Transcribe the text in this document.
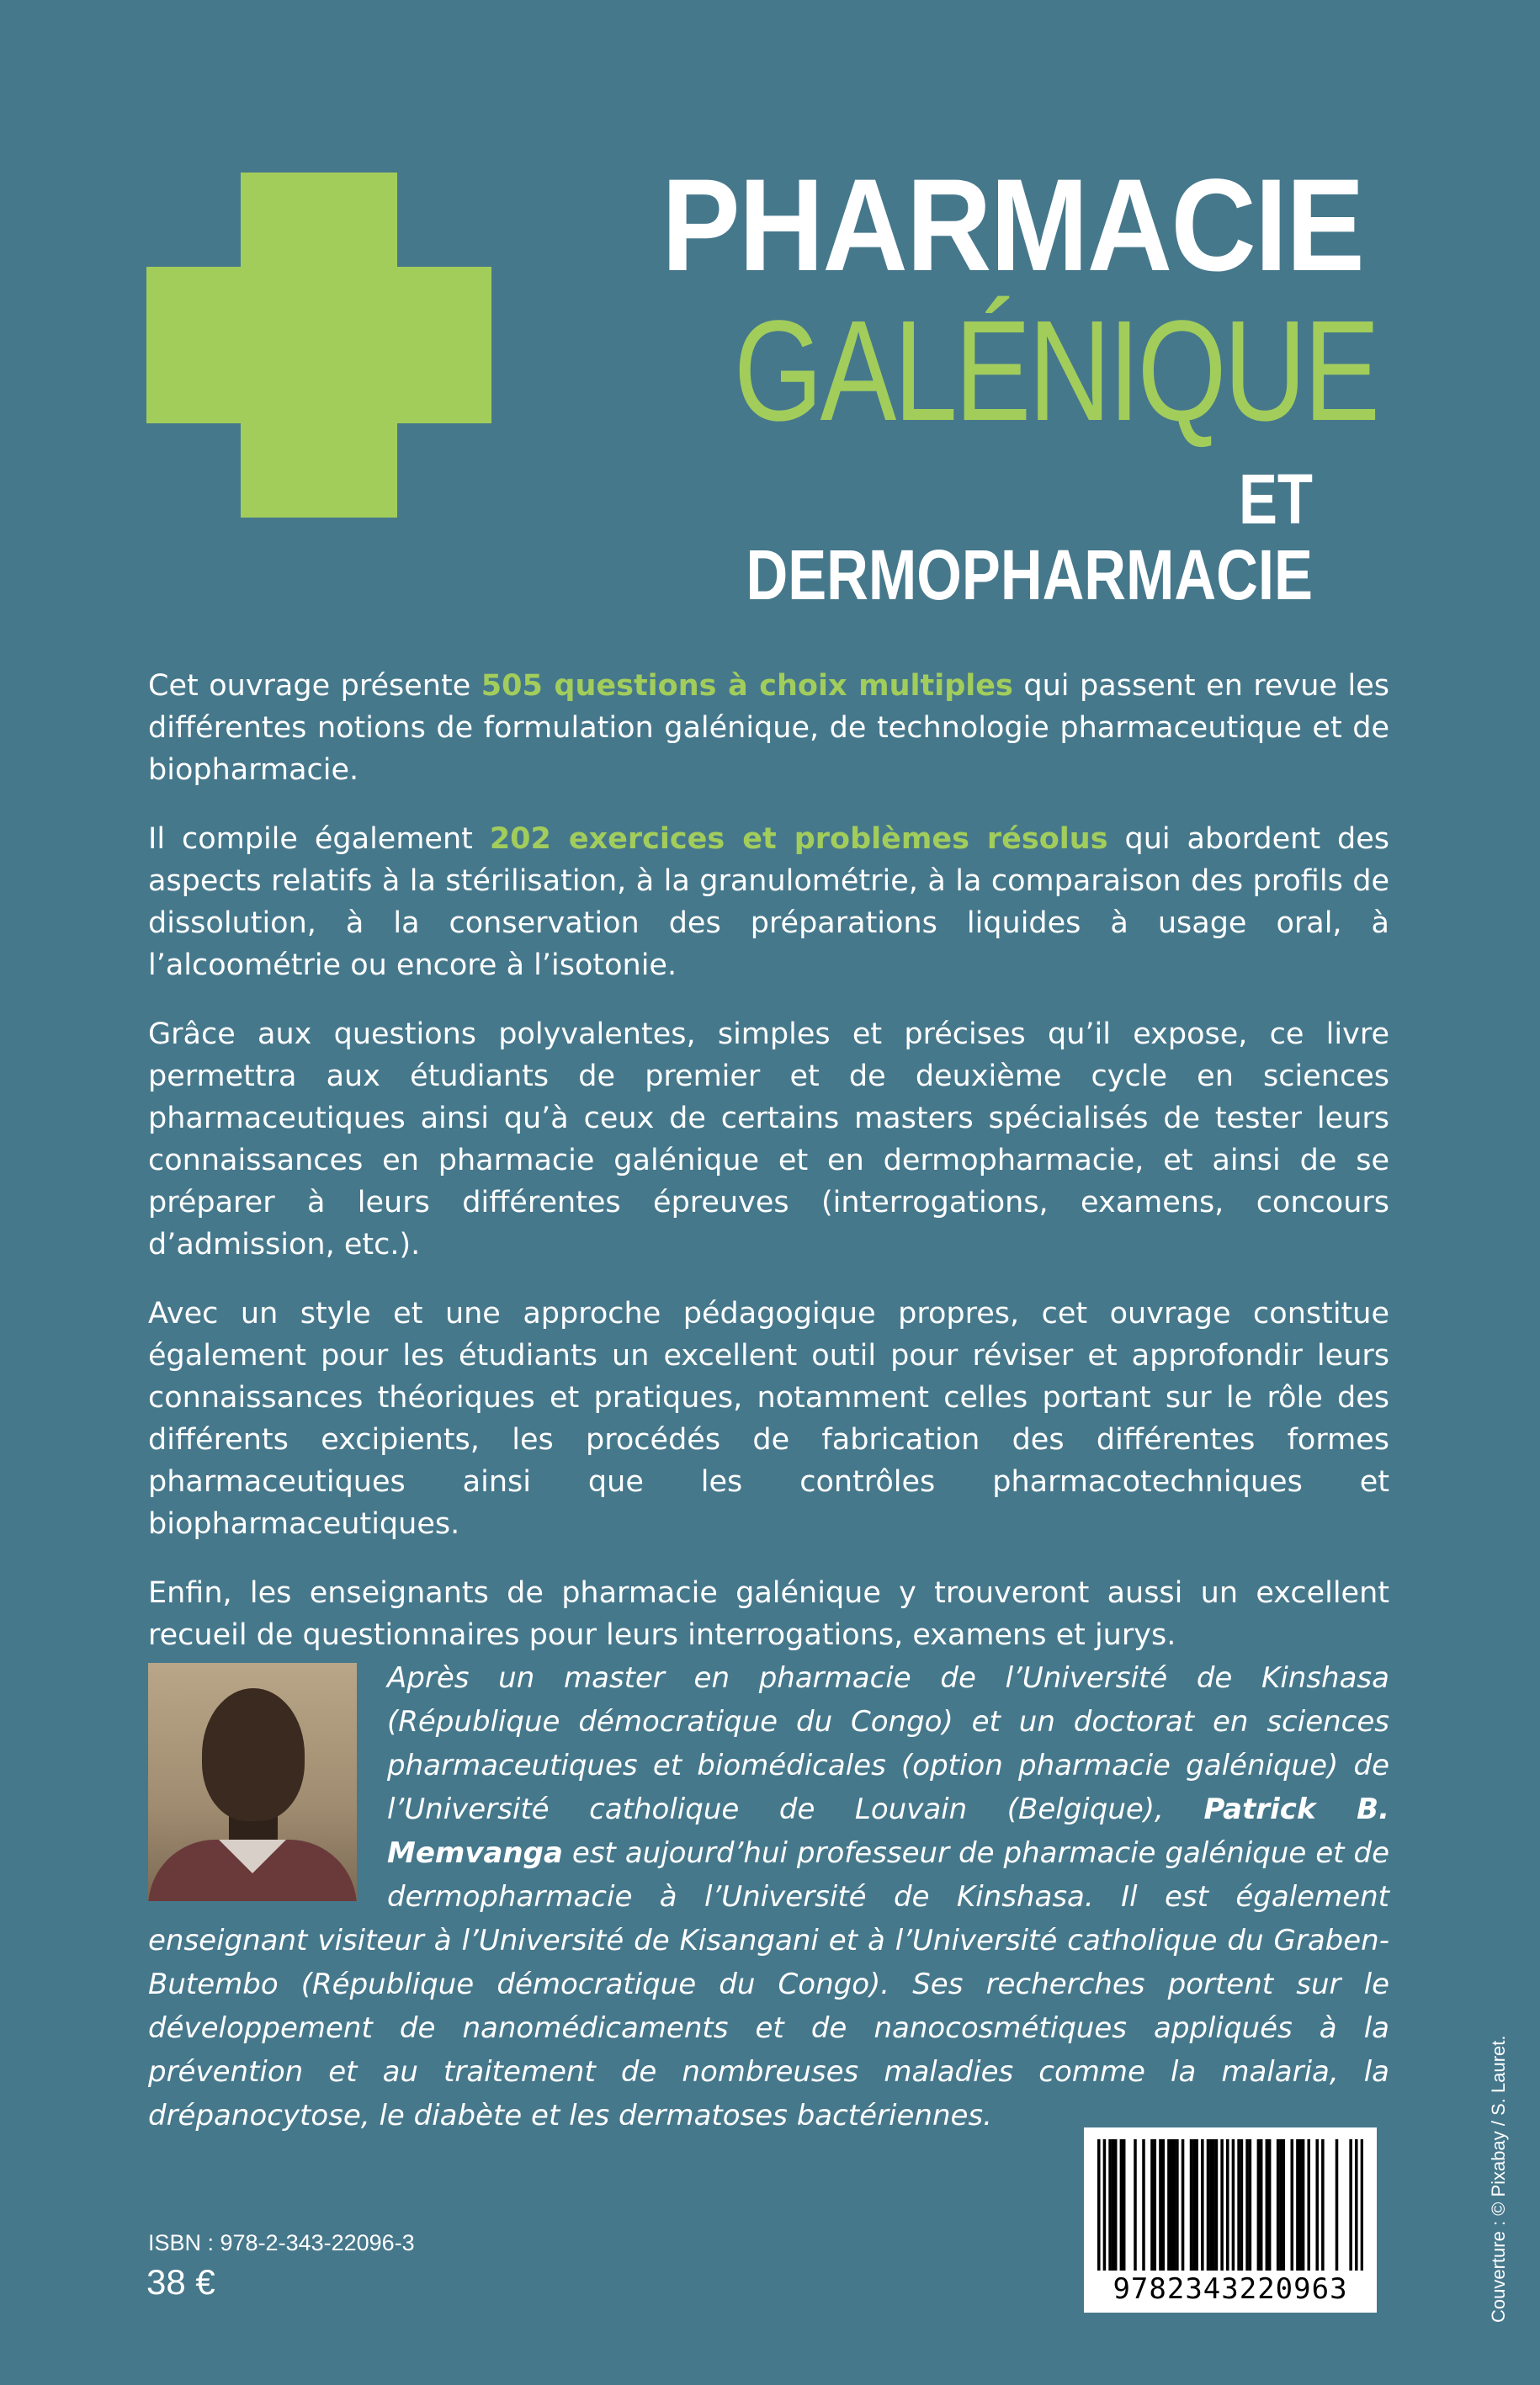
PHARMACIE
GALÉNIQUE
ET DERMOPHARMACIE

Cet ouvrage présente 505 questions à choix multiples qui passent en revue les différentes notions de formulation galénique, de technologie pharmaceutique et de biopharmacie.

Il compile également 202 exercices et problèmes résolus qui abordent des aspects relatifs à la stérilisation, à la granulométrie, à la comparaison des profils de dissolution, à la conservation des préparations liquides à usage oral, à l’alcoométrie ou encore à l’isotonie.

Grâce aux questions polyvalentes, simples et précises qu’il expose, ce livre permettra aux étudiants de premier et de deuxième cycle en sciences pharmaceutiques ainsi qu’à ceux de certains masters spécialisés de tester leurs connaissances en pharmacie galénique et en dermopharmacie, et ainsi de se préparer à leurs différentes épreuves (interrogations, examens, concours d’admission, etc.).

Avec un style et une approche pédagogique propres, cet ouvrage constitue également pour les étudiants un excellent outil pour réviser et approfondir leurs connaissances théoriques et pratiques, notamment celles portant sur le rôle des différents excipients, les procédés de fabrication des différentes formes pharmaceutiques ainsi que les contrôles pharmacotechniques et biopharmaceutiques.

Enfin, les enseignants de pharmacie galénique y trouveront aussi un excellent recueil de questionnaires pour leurs interrogations, examens et jurys.

Après un master en pharmacie de l’Université de Kinshasa (République démocratique du Congo) et un doctorat en sciences pharmaceutiques et biomédicales (option pharmacie galénique) de l’Université catholique de Louvain (Belgique), Patrick B. Memvanga est aujourd’hui professeur de pharmacie galénique et de dermopharmacie à l’Université de Kinshasa. Il est également enseignant visiteur à l’Université de Kisangani et à l’Université catholique du Graben-Butembo (République démocratique du Congo). Ses recherches portent sur le développement de nanomédicaments et de nanocosmétiques appliqués à la prévention et au traitement de nombreuses maladies comme la malaria, la drépanocytose, le diabète et les dermatoses bactériennes.
ISBN : 978-2-343-22096-3
38 €	9782343220963	Couverture : © Pixabay / S. Lauret.
